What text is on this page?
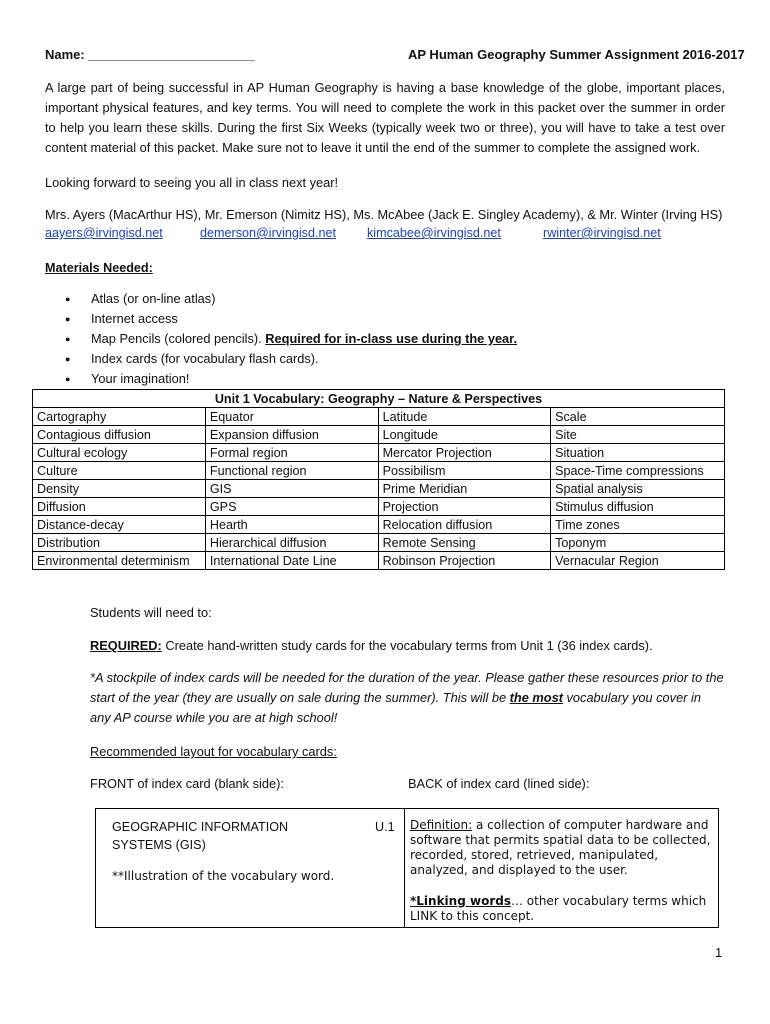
Name: _______________________	AP Human Geography Summer Assignment 2016-2017
A large part of being successful in AP Human Geography is having a base knowledge of the globe, important places, important physical features, and key terms. You will need to complete the work in this packet over the summer in order to help you learn these skills. During the first Six Weeks (typically week two or three), you will have to take a test over content material of this packet. Make sure not to leave it until the end of the summer to complete the assigned work.
Looking forward to seeing you all in class next year!
Mrs. Ayers (MacArthur HS), Mr. Emerson (Nimitz HS), Ms. McAbee (Jack E. Singley Academy), & Mr. Winter (Irving HS)
aayers@irvingisd.net	demerson@irvingisd.net kimcabee@irvingisd.net	rwinter@irvingisd.net
Materials Needed:
● Atlas (or on-line atlas)
● Internet access
● Map Pencils (colored pencils). Required for in-class use during the year.
● Index cards (for vocabulary flash cards).
● Your imagination!
Unit 1 Vocabulary: Geography – Nature & Perspectives			
Cartography	Equator	Latitude	Scale
Contagious diffusion	Expansion diffusion	Longitude	Site
Cultural ecology	Formal region	Mercator Projection	Situation
Culture	Functional region	Possibilism	Space-Time compressions
Density	GIS	Prime Meridian	Spatial analysis
Diffusion	GPS	Projection	Stimulus diffusion
Distance-decay	Hearth	Relocation diffusion	Time zones
Distribution	Hierarchical diffusion	Remote Sensing	Toponym
Environmental determinism	International Date Line	Robinson Projection	Vernacular Region
Students will need to:
REQUIRED: Create hand-written study cards for the vocabulary terms from Unit 1 (36 index cards).
*A stockpile of index cards will be needed for the duration of the year. Please gather these resources prior to the start of the year (they are usually on sale during the summer). This will be the most vocabulary you cover in any AP course while you are at high school!
Recommended layout for vocabulary cards:
FRONT of index card (blank side):	BACK of index card (lined side):
GEOGRAPHIC INFORMATION SYSTEMS (GIS)
U.1
**Illustration of the vocabulary word.
Definition: a collection of computer hardware and software that permits spatial data to be collected, recorded, stored, retrieved, manipulated, analyzed, and displayed to the user.
*Linking words… other vocabulary terms which LINK to this concept.
1
